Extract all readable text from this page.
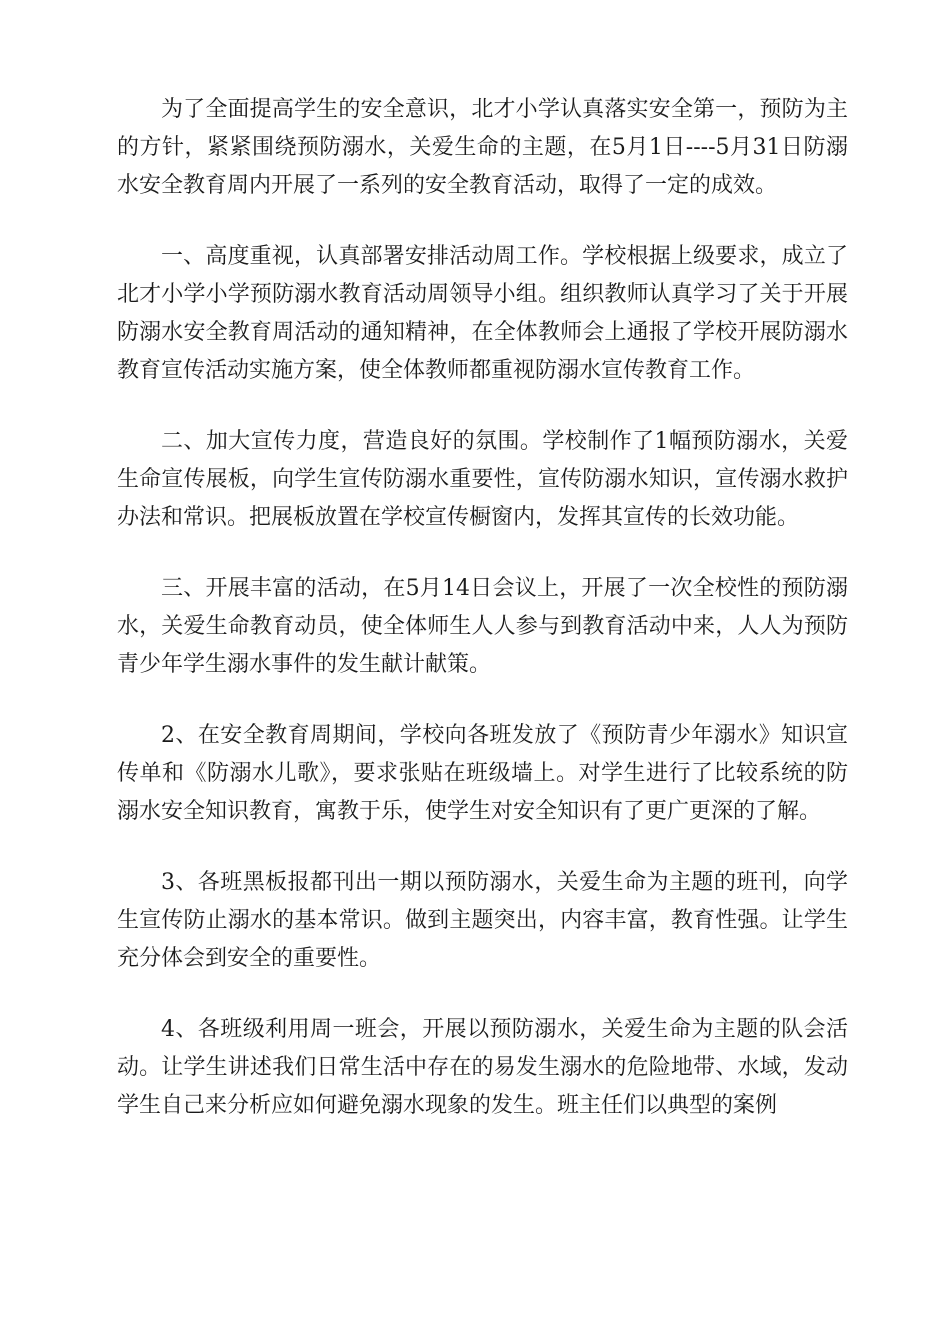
为了全面提高学生的安全意识，北才小学认真落实安全第一，预防为主的方针，紧紧围绕预防溺水，关爱生命的主题，在5月1日----5月31日防溺水安全教育周内开展了一系列的安全教育活动，取得了一定的成效。

一、高度重视，认真部署安排活动周工作。学校根据上级要求，成立了北才小学小学预防溺水教育活动周领导小组。组织教师认真学习了关于开展防溺水安全教育周活动的通知精神，在全体教师会上通报了学校开展防溺水教育宣传活动实施方案，使全体教师都重视防溺水宣传教育工作。

二、加大宣传力度，营造良好的氛围。学校制作了1幅预防溺水，关爱生命宣传展板，向学生宣传防溺水重要性，宣传防溺水知识，宣传溺水救护办法和常识。把展板放置在学校宣传橱窗内，发挥其宣传的长效功能。

三、开展丰富的活动，在5月14日会议上，开展了一次全校性的预防溺水，关爱生命教育动员，使全体师生人人参与到教育活动中来，人人为预防青少年学生溺水事件的发生献计献策。

2、在安全教育周期间，学校向各班发放了《预防青少年溺水》知识宣传单和《防溺水儿歌》，要求张贴在班级墙上。对学生进行了比较系统的防溺水安全知识教育，寓教于乐，使学生对安全知识有了更广更深的了解。

3、各班黑板报都刊出一期以预防溺水，关爱生命为主题的班刊，向学生宣传防止溺水的基本常识。做到主题突出，内容丰富，教育性强。让学生充分体会到安全的重要性。

4、各班级利用周一班会，开展以预防溺水，关爱生命为主题的队会活动。让学生讲述我们日常生活中存在的易发生溺水的危险地带、水域，发动学生自己来分析应如何避免溺水现象的发生。班主任们以典型的案例
